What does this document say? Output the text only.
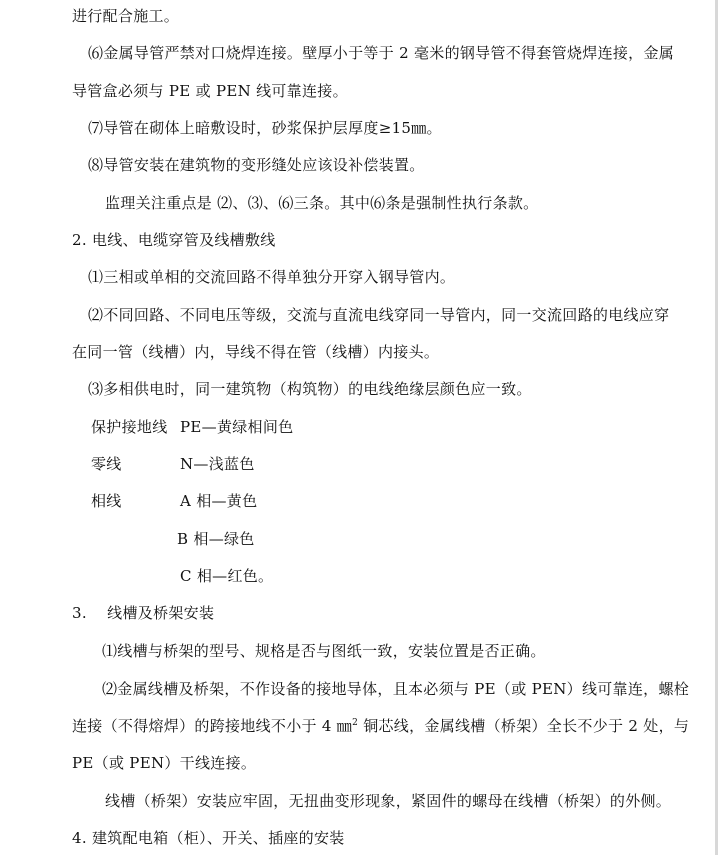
进行配合施工。
⑹金属导管严禁对口烧焊连接。壁厚小于等于 2 毫米的钢导管不得套管烧焊连接，金属
导管盒必须与 PE 或 PEN 线可靠连接。
⑺导管在砌体上暗敷设时，砂浆保护层厚度≥15㎜。
⑻导管安装在建筑物的变形缝处应该设补偿装置。
监理关注重点是 ⑵、⑶、⑹三条。其中⑹条是强制性执行条款。
2. 电线、电缆穿管及线槽敷线
⑴三相或单相的交流回路不得单独分开穿入钢导管内。
⑵不同回路、不同电压等级，交流与直流电线穿同一导管内，同一交流回路的电线应穿
在同一管（线槽）内，导线不得在管（线槽）内接头。
⑶多相供电时，同一建筑物（构筑物）的电线绝缘层颜色应一致。
保护接地线 PE—黄绿相间色
零线	N—浅蓝色
相线	A 相—黄色
B 相—绿色
C 相—红色。
3.    线槽及桥架安装
⑴线槽与桥架的型号、规格是否与图纸一致，安装位置是否正确。
⑵金属线槽及桥架，不作设备的接地导体，且本必须与 PE（或 PEN）线可靠连，螺栓
连接（不得熔焊）的跨接地线不小于 4 ㎜$^2$ 铜芯线，金属线槽（桥架）全长不少于 2 处，与
PE（或 PEN）干线连接。
线槽（桥架）安装应牢固，无扭曲变形现象，紧固件的螺母在线槽（桥架）的外侧。
4. 建筑配电箱（柜）、开关、插座的安装
